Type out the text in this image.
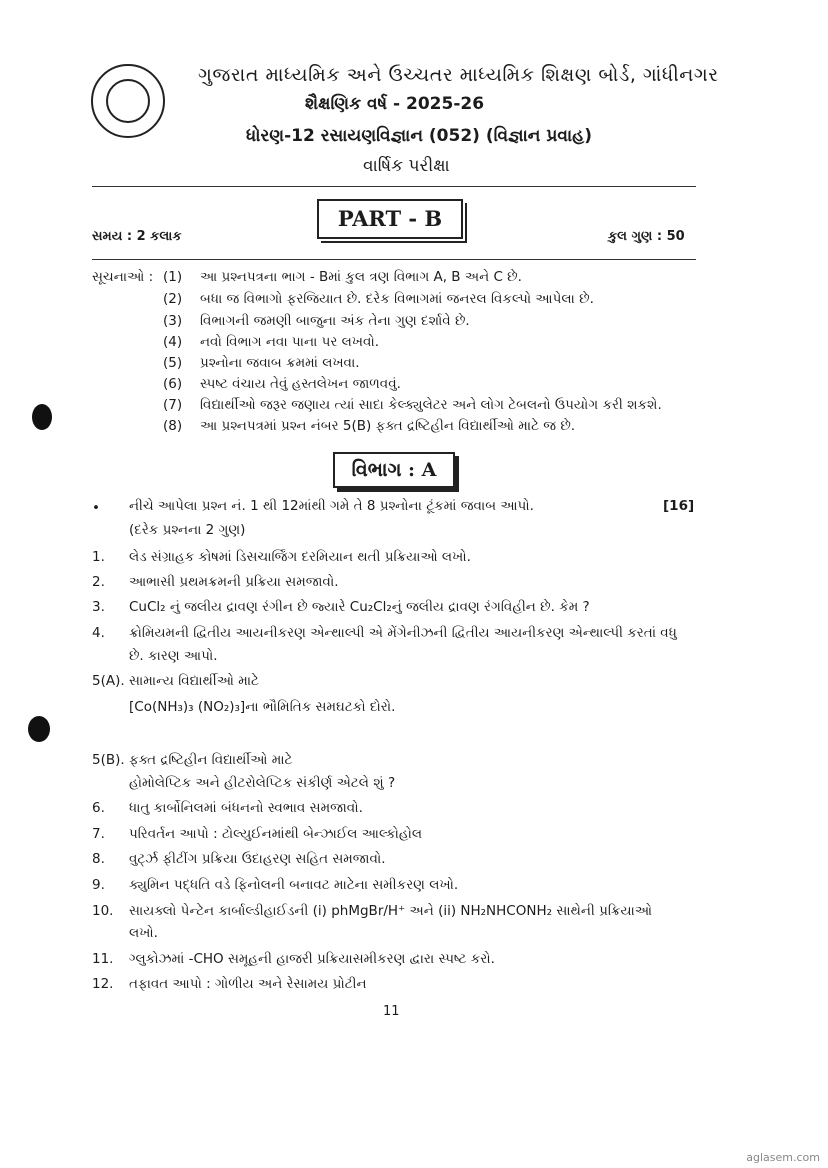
ગુજરાત માધ્યમિક અને ઉચ્ચતર માધ્યમિક શિક્ષણ બોર્ડ, ગાંધીનગર
શૈક્ષણિક વર્ષ - 2025-26
ધોરણ-12 રસાયણવિજ્ઞાન (052) (વિજ્ઞાન પ્રવાહ)
વાર્ષિક પરીક્ષા
PART - B
સમય : 2 કલાક	કુલ ગુણ : 50
સૂચનાઓ : (1) આ પ્રશ્નપત્રના ભાગ - Bમાં કુલ ત્રણ વિભાગ A, B અને C છે.
(2) બધા જ વિભાગો ફરજિયાત છે. દરેક વિભાગમાં જનરલ વિકલ્પો આપેલા છે.
(3) વિભાગની જમણી બાજુના અંક તેના ગુણ દર્શાવે છે.
(4) નવો વિભાગ નવા પાના પર લખવો.
(5) પ્રશ્નોના જવાબ ક્રમમાં લખવા.
(6) સ્પષ્ટ વંચાય તેવું હસ્તલેખન જાળવવું.
(7) વિદ્યાર્થીઓ જરૂર જણાય ત્યાં સાદા કેલ્ક્યુલેટર અને લોગ ટેબલનો ઉપયોગ કરી શકશે.
(8) આ પ્રશ્નપત્રમાં પ્રશ્ન નંબર 5(B) ફક્ત દ્રષ્ટિહીન વિદ્યાર્થીઓ માટે જ છે.
વિભાગ : A
• નીચે આપેલા પ્રશ્ન નં. 1 થી 12માંથી ગમે તે 8 પ્રશ્નોના ટૂંકમાં જવાબ આપો.	[16]
(દરેક પ્રશ્નના 2 ગુણ)
1. લેડ સંગ્રાહક કોષમાં ડિસચાર્જિંગ દરમિયાન થતી પ્રક્રિયાઓ લખો.
2. આભાસી પ્રથમક્રમની પ્રક્રિયા સમજાવો.
3. CuCl₂ નું જલીય દ્રાવણ રંગીન છે જ્યારે Cu₂Cl₂નું જલીય દ્રાવણ રંગવિહીન છે. કેમ ?
4. ક્રોમિયમની દ્વિતીય આયનીકરણ એન્થાલ્પી એ મેંગેનીઝની દ્વિતીય આયનીકરણ એન્થાલ્પી કરતાં વધુ
છે. કારણ આપો.
5(A). સામાન્ય વિદ્યાર્થીઓ માટે
[Co(NH₃)₃ (NO₂)₃]ના ભૌમિતિક સમઘટકો દોરો.
5(B). ફક્ત દ્રષ્ટિહીન વિદ્યાર્થીઓ માટે
હોમોલેપ્ટિક અને હીટરોલેપ્ટિક સંકીર્ણ એટલે શું ?
6. ધાતુ કાર્બોનિલમાં બંધનનો સ્વભાવ સમજાવો.
7. પરિવર્તન આપો : ટોલ્યુઈનમાંથી બેન્ઝાઈલ આલ્કોહોલ
8. વુર્ટ્ઝ ફીટીંગ પ્રક્રિયા ઉદાહરણ સહિત સમજાવો.
9. ક્યુમિન પદ્ધતિ વડે ફિનોલની બનાવટ માટેના સમીકરણ લખો.
10. સાયક્લો પેન્ટેન કાર્બાલ્ડીહાઈડની (i) phMgBr/H⁺ અને (ii) NH₂NHCONH₂ સાથેની પ્રક્રિયાઓ
લખો.
11. ગ્લુકોઝમાં -CHO સમૂહની હાજરી પ્રક્રિયાસમીકરણ દ્વારા સ્પષ્ટ કરો.
12. તફાવત આપો : ગોળીય અને રેસામય પ્રોટીન
11
aglasem.com
